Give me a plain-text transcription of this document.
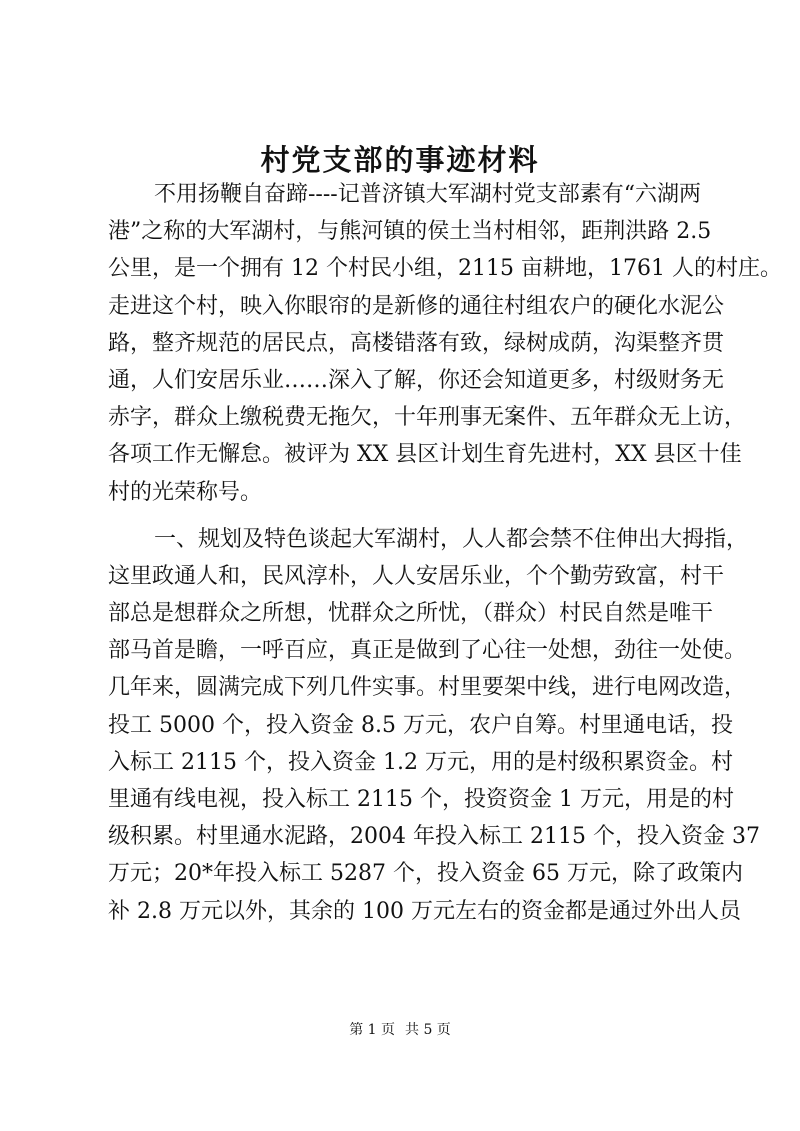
村党支部的事迹材料
不用扬鞭自奋蹄----记普济镇大军湖村党支部素有“六湖两
港”之称的大军湖村，与熊河镇的侯土当村相邻，距荆洪路 2.5
公里，是一个拥有 12 个村民小组，2115 亩耕地，1761 人的村庄。
走进这个村，映入你眼帘的是新修的通往村组农户的硬化水泥公
路，整齐规范的居民点，高楼错落有致，绿树成荫，沟渠整齐贯
通，人们安居乐业……深入了解，你还会知道更多，村级财务无
赤字，群众上缴税费无拖欠，十年刑事无案件、五年群众无上访，
各项工作无懈怠。被评为 XX 县区计划生育先进村，XX 县区十佳
村的光荣称号。
一、规划及特色谈起大军湖村，人人都会禁不住伸出大拇指，
这里政通人和，民风淳朴，人人安居乐业，个个勤劳致富，村干
部总是想群众之所想，忧群众之所忧，（群众）村民自然是唯干
部马首是瞻，一呼百应，真正是做到了心往一处想，劲往一处使。
几年来，圆满完成下列几件实事。村里要架中线，进行电网改造，
投工 5000 个，投入资金 8.5 万元，农户自筹。村里通电话，投
入标工 2115 个，投入资金 1.2 万元，用的是村级积累资金。村
里通有线电视，投入标工 2115 个，投资资金 1 万元，用是的村
级积累。村里通水泥路，2004 年投入标工 2115 个，投入资金 37
万元；20*年投入标工 5287 个，投入资金 65 万元，除了政策内
补 2.8 万元以外，其余的 100 万元左右的资金都是通过外出人员
第 1 页 共 5 页
